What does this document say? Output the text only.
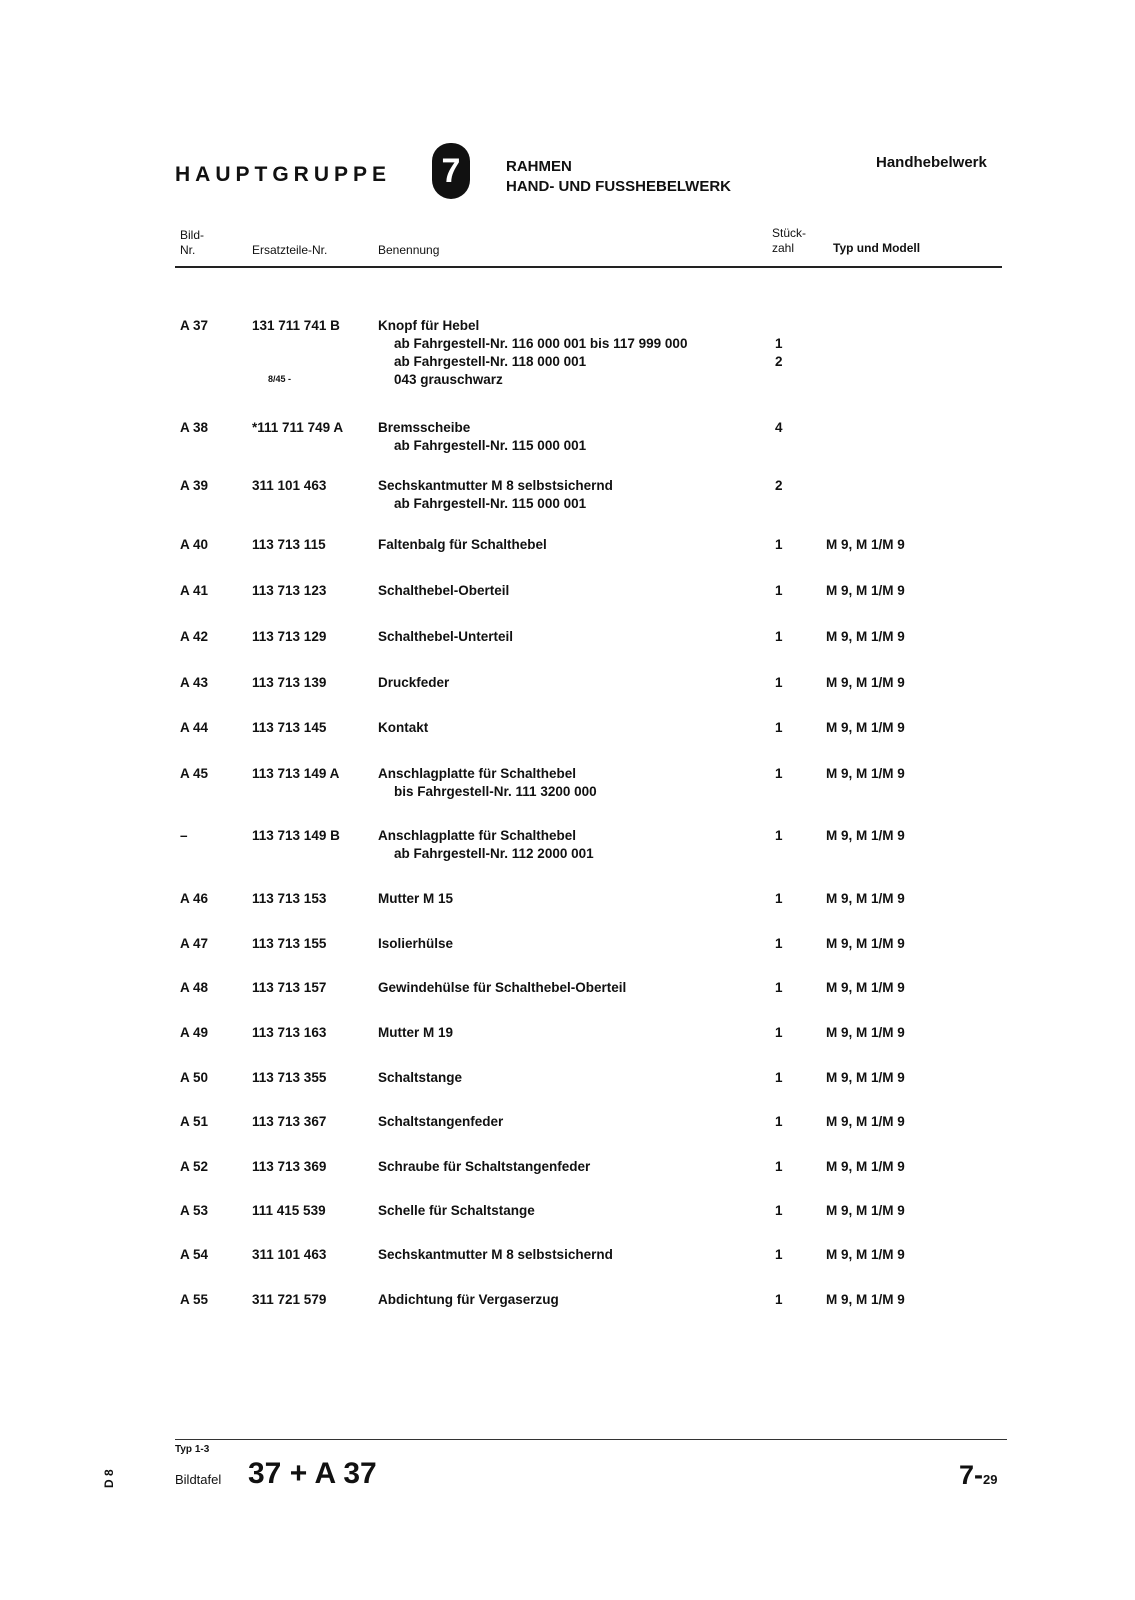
HAUPTGRUPPE 7	RAHMEN
HAND- UND FUSSHEBELWERK
Handhebelwerk
Bild-
Nr.	Ersatzteile-Nr.	Benennung
Stück-
zahl	Typ und Modell
A 37	131 711 741 B	Knopf für Hebel
ab Fahrgestell-Nr. 116 000 001 bis 117 999 000	1
ab Fahrgestell-Nr. 118 000 001	2
043 grauschwarz
8/45 -
A 38	*111 711 749 A	Bremsscheibe	4
ab Fahrgestell-Nr. 115 000 001
A 39	311 101 463	Sechskantmutter M 8 selbstsichernd	2
ab Fahrgestell-Nr. 115 000 001
A 40	113 713 115	Faltenbalg für Schalthebel	1	M 9, M 1/M 9
A 41	113 713 123	Schalthebel-Oberteil	1	M 9, M 1/M 9
A 42	113 713 129	Schalthebel-Unterteil	1	M 9, M 1/M 9
A 43	113 713 139	Druckfeder	1	M 9, M 1/M 9
A 44	113 713 145	Kontakt	1	M 9, M 1/M 9
A 45	113 713 149 A	Anschlagplatte für Schalthebel	1	M 9, M 1/M 9
bis Fahrgestell-Nr. 111 3200 000
–	113 713 149 B	Anschlagplatte für Schalthebel	1	M 9, M 1/M 9
ab Fahrgestell-Nr. 112 2000 001
A 46	113 713 153	Mutter M 15	1	M 9, M 1/M 9
A 47	113 713 155	Isolierhülse	1	M 9, M 1/M 9
A 48	113 713 157	Gewindehülse für Schalthebel-Oberteil	1	M 9, M 1/M 9
A 49	113 713 163	Mutter M 19	1	M 9, M 1/M 9
A 50	113 713 355	Schaltstange	1	M 9, M 1/M 9
A 51	113 713 367	Schaltstangenfeder	1	M 9, M 1/M 9
A 52	113 713 369	Schraube für Schaltstangenfeder	1	M 9, M 1/M 9
A 53	111 415 539	Schelle für Schaltstange	1	M 9, M 1/M 9
A 54	311 101 463	Sechskantmutter M 8 selbstsichernd	1	M 9, M 1/M 9
A 55	311 721 579	Abdichtung für Vergaserzug	1	M 9, M 1/M 9
Typ 1-3
Bildtafel 37 + A 37	7-29
D 8
